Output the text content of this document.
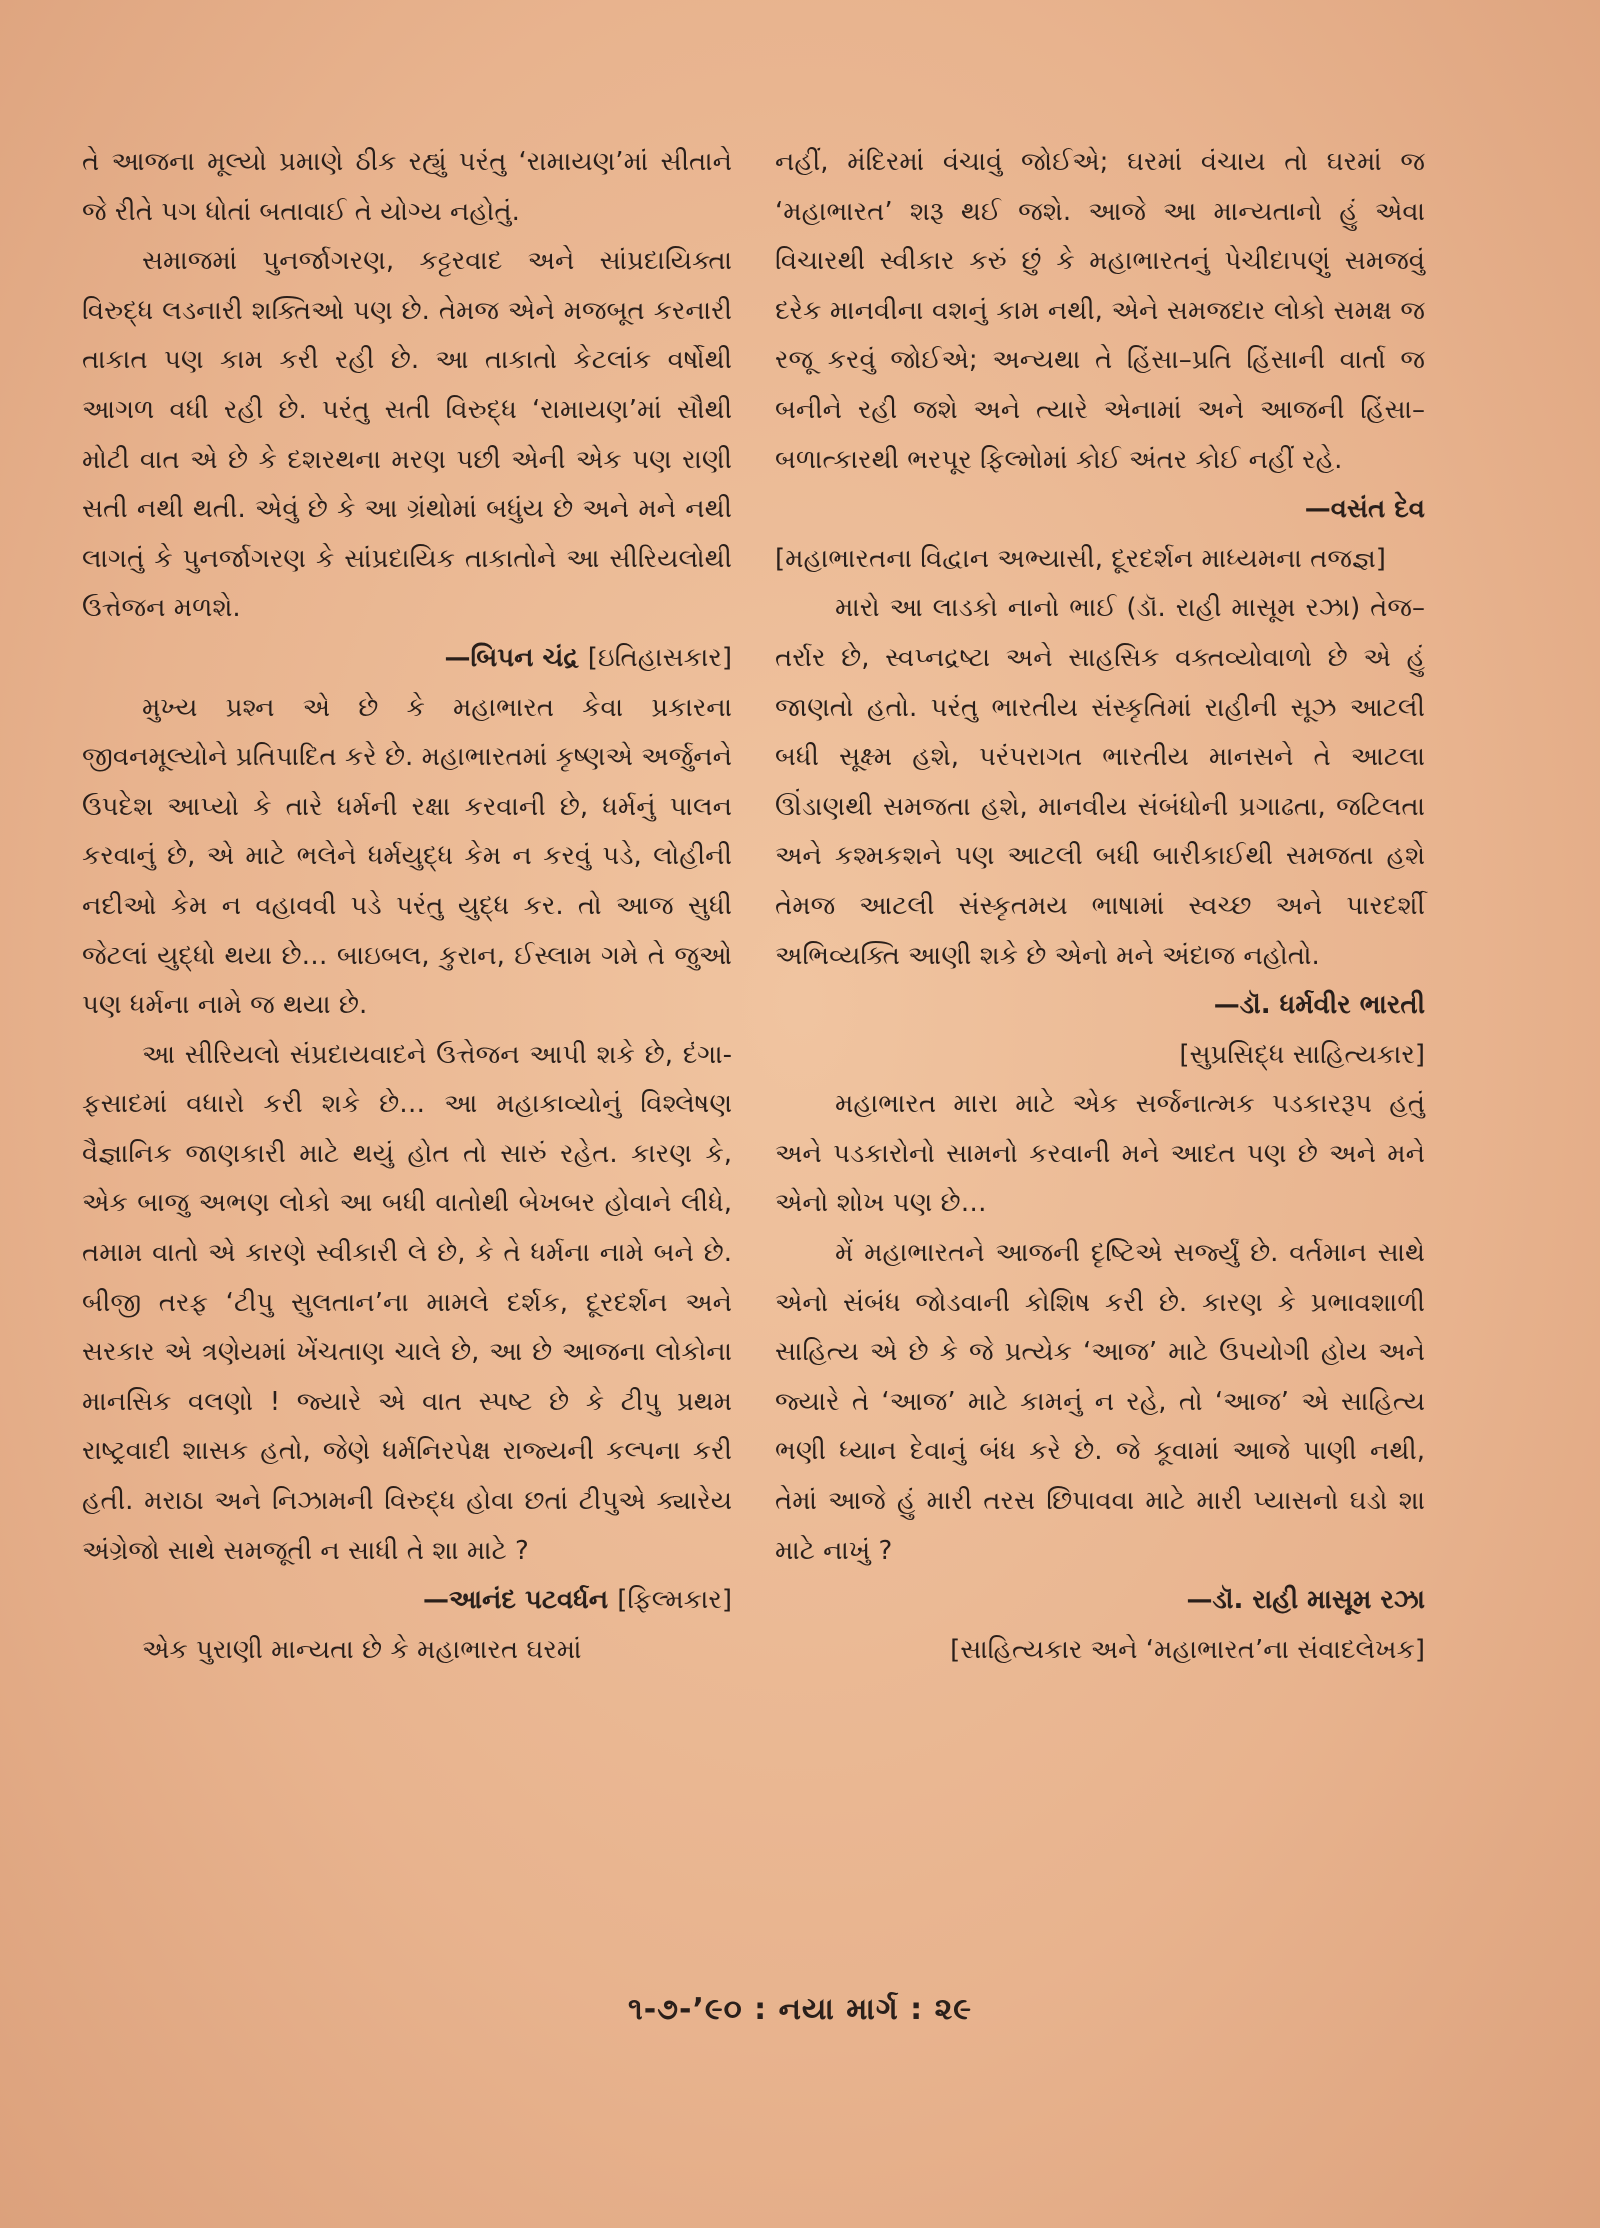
તે આજના મૂલ્યો પ્રમાણે ઠીક રહ્યું પરંતુ ‘રામાયણ’માં સીતાને જે રીતે પગ ધોતાં બતાવાઈ તે યોગ્ય નહોતું.

સમાજમાં પુનર્જાગરણ, કટ્ટરવાદ અને સાંપ્રદાયિક્તા વિરુદ્ધ લડનારી શક્તિઓ પણ છે. તેમજ એને મજબૂત કરનારી તાકાત પણ કામ કરી રહી છે. આ તાકાતો કેટલાંક વર્ષોથી આગળ વધી રહી છે. પરંતુ સતી વિરુદ્ધ ‘રામાયણ’માં સૌથી મોટી વાત એ છે કે દશરથના મરણ પછી એની એક પણ રાણી સતી નથી થતી. એવું છે કે આ ગ્રંથોમાં બધુંય છે અને મને નથી લાગતું કે પુનર્જાગરણ કે સાંપ્રદાયિક તાકાતોને આ સીરિયલોથી ઉત્તેજન મળશે.

—બિપન ચંદ્ર [ઇતિહાસકાર]

મુખ્ય પ્રશ્ન એ છે કે મહાભારત કેવા પ્રકારના જીવનમૂલ્યોને પ્રતિપાદિત કરે છે. મહાભારતમાં કૃષ્ણએ અર્જુનને ઉપદેશ આપ્યો કે તારે ધર્મની રક્ષા કરવાની છે, ધર્મનું પાલન કરવાનું છે, એ માટે ભલેને ધર્મયુદ્ધ કેમ ન કરવું પડે, લોહીની નદીઓ કેમ ન વહાવવી પડે પરંતુ યુદ્ધ કર. તો આજ સુધી જેટલાં યુદ્ધો થયા છે… બાઇબલ, કુરાન, ઈસ્લામ ગમે તે જુઓ પણ ધર્મના નામે જ થયા છે.

આ સીરિયલો સંપ્રદાયવાદને ઉત્તેજન આપી શકે છે, દંગા-ફસાદમાં વધારો કરી શકે છે… આ મહાકાવ્યોનું વિશ્લેષણ વૈજ્ઞાનિક જાણકારી માટે થયું હોત તો સારું રહેત. કારણ કે, એક બાજુ અભણ લોકો આ બધી વાતોથી બેખબર હોવાને લીધે, તમામ વાતો એ કારણે સ્વીકારી લે છે, કે તે ધર્મના નામે બને છે. બીજી તરફ ‘ટીપુ સુલતાન’ના મામલે દર્શક, દૂરદર્શન અને સરકાર એ ત્રણેયમાં ખેંચતાણ ચાલે છે, આ છે આજના લોકોના માનસિક વલણો ! જ્યારે એ વાત સ્પષ્ટ છે કે ટીપુ પ્રથમ રાષ્ટ્રવાદી શાસક હતો, જેણે ધર્મનિરપેક્ષ રાજ્યની કલ્પના કરી હતી. મરાઠા અને નિઝામની વિરુદ્ધ હોવા છતાં ટીપુએ ક્યારેય અંગ્રેજો સાથે સમજૂતી ન સાધી તે શા માટે ?

—આનંદ પટવર્ધન [ફિલ્મકાર]

એક પુરાણી માન્યતા છે કે મહાભારત ઘરમાં

નહીં, મંદિરમાં વંચાવું જોઈએ; ઘરમાં વંચાય તો ઘરમાં જ ‘મહાભારત’ શરૂ થઈ જશે. આજે આ માન્યતાનો હું એવા વિચારથી સ્વીકાર કરું છું કે મહાભારતનું પેચીદાપણું સમજવું દરેક માનવીના વશનું કામ નથી, એને સમજદાર લોકો સમક્ષ જ રજૂ કરવું જોઈએ; અન્યથા તે હિંસા–પ્રતિ હિંસાની વાર્તા જ બનીને રહી જશે અને ત્યારે એનામાં અને આજની હિંસા–બળાત્કારથી ભરપૂર ફિલ્મોમાં કોઈ અંતર કોઈ નહીં રહે.

—વસંત દેવ

[મહાભારતના વિદ્વાન અભ્યાસી, દૂરદર્શન માધ્યમના તજજ્ઞ]

મારો આ લાડકો નાનો ભાઈ (ડૉ. રાહી માસૂમ રઝા) તેજ–તર્રાર છે, સ્વપ્નદ્રષ્ટા અને સાહસિક વક્તવ્યોવાળો છે એ હું જાણતો હતો. પરંતુ ભારતીય સંસ્કૃતિમાં રાહીની સૂઝ આટલી બધી સૂક્ષ્મ હશે, પરંપરાગત ભારતીય માનસને તે આટલા ઊંડાણથી સમજતા હશે, માનવીય સંબંધોની પ્રગાઢતા, જટિલતા અને કશ્મકશને પણ આટલી બધી બારીકાઈથી સમજતા હશે તેમજ આટલી સંસ્કૃતમય ભાષામાં સ્વચ્છ અને પારદર્શી અભિવ્યક્તિ આણી શકે છે એનો મને અંદાજ નહોતો.

—ડૉ. ધર્મવીર ભારતી

[સુપ્રસિદ્ધ સાહિત્યકાર]

મહાભારત મારા માટે એક સર્જનાત્મક પડકારરૂપ હતું અને પડકારોનો સામનો કરવાની મને આદત પણ છે અને મને એનો શોખ પણ છે…

મેં મહાભારતને આજની દૃષ્ટિએ સર્જ્યું છે. વર્તમાન સાથે એનો સંબંધ જોડવાની કોશિષ કરી છે. કારણ કે પ્રભાવશાળી સાહિત્ય એ છે કે જે પ્રત્યેક ‘આજ’ માટે ઉપયોગી હોય અને જ્યારે તે ‘આજ’ માટે કામનું ન રહે, તો ‘આજ’ એ સાહિત્ય ભણી ધ્યાન દેવાનું બંધ કરે છે. જે કૂવામાં આજે પાણી નથી, તેમાં આજે હું મારી તરસ છિપાવવા માટે મારી પ્યાસનો ઘડો શા માટે નાખું ?

—ડૉ. રાહી માસૂમ રઝા

[સાહિત્યકાર અને ‘મહાભારત’ના સંવાદલેખક]

૧-૭-’૯૦ : નયા માર્ગ : ૨૯
